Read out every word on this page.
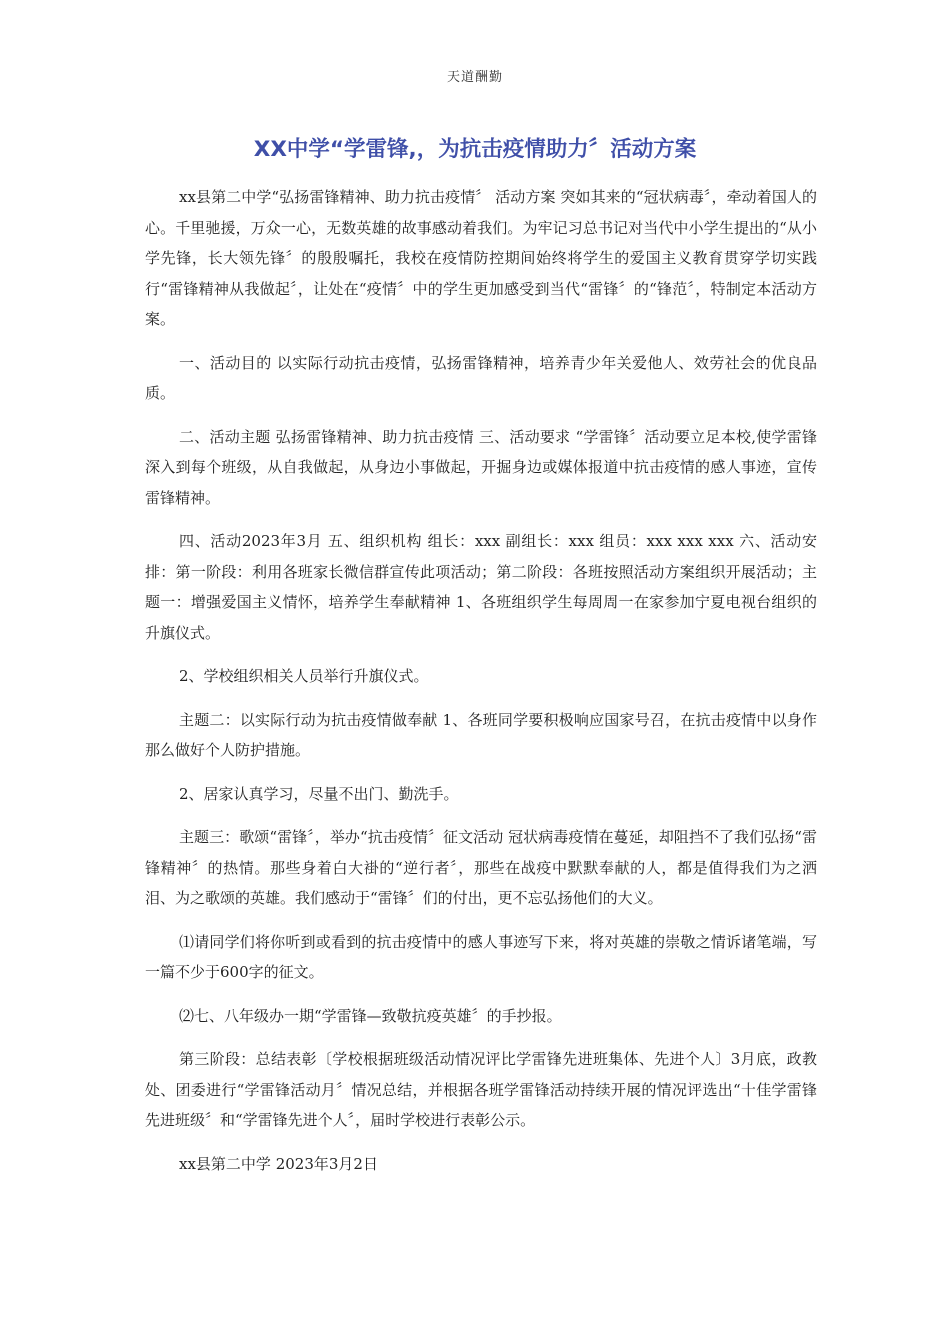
天道酬勤
XX中学“学雷锋,，为抗击疫情助力〞活动方案

xx县第二中学“弘扬雷锋精神、助力抗击疫情〞 活动方案 突如其来的“冠状病毒〞，牵动着国人的心。千里驰援，万众一心，无数英雄的故事感动着我们。为牢记习总书记对当代中小学生提出的“从小学先锋，长大领先锋〞的殷殷嘱托，我校在疫情防控期间始终将学生的爱国主义教育贯穿学切实践行“雷锋精神从我做起〞，让处在“疫情〞中的学生更加感受到当代“雷锋〞的“锋范〞，特制定本活动方案。

一、活动目的 以实际行动抗击疫情，弘扬雷锋精神，培养青少年关爱他人、效劳社会的优良品质。

二、活动主题 弘扬雷锋精神、助力抗击疫情 三、活动要求 “学雷锋〞活动要立足本校,使学雷锋深入到每个班级，从自我做起，从身边小事做起，开掘身边或媒体报道中抗击疫情的感人事迹，宣传雷锋精神。

四、活动2023年3月 五、组织机构 组长：xxx 副组长：xxx 组员：xxx xxx xxx 六、活动安排：第一阶段：利用各班家长微信群宣传此项活动；第二阶段：各班按照活动方案组织开展活动；主题一：增强爱国主义情怀，培养学生奉献精神 1、各班组织学生每周周一在家参加宁夏电视台组织的升旗仪式。

2、学校组织相关人员举行升旗仪式。

主题二：以实际行动为抗击疫情做奉献 1、各班同学要积极响应国家号召，在抗击疫情中以身作那么做好个人防护措施。

2、居家认真学习，尽量不出门、勤洗手。

主题三：歌颂“雷锋〞，举办“抗击疫情〞征文活动 冠状病毒疫情在蔓延，却阻挡不了我们弘扬“雷锋精神〞的热情。那些身着白大褂的“逆行者〞，那些在战疫中默默奉献的人，都是值得我们为之洒泪、为之歌颂的英雄。我们感动于“雷锋〞们的付出，更不忘弘扬他们的大义。

⑴请同学们将你听到或看到的抗击疫情中的感人事迹写下来，将对英雄的崇敬之情诉诸笔端，写一篇不少于600字的征文。

⑵七、八年级办一期“学雷锋—致敬抗疫英雄〞的手抄报。

第三阶段：总结表彰〔学校根据班级活动情况评比学雷锋先进班集体、先进个人〕3月底，政教处、团委进行“学雷锋活动月〞情况总结，并根据各班学雷锋活动持续开展的情况评选出“十佳学雷锋先进班级〞和“学雷锋先进个人〞，届时学校进行表彰公示。

xx县第二中学 2023年3月2日
